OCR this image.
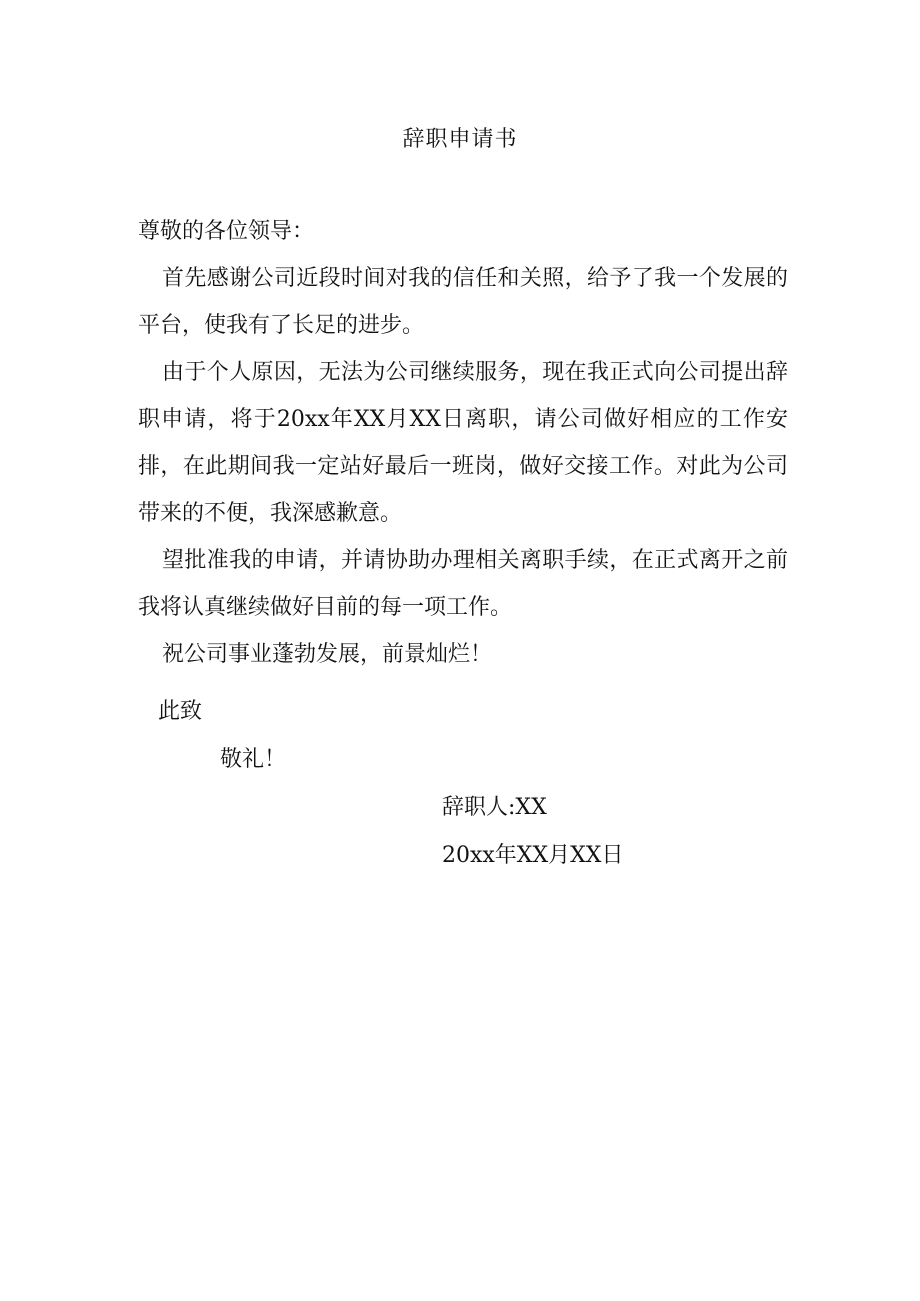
辞职申请书
尊敬的各位领导：

首先感谢公司近段时间对我的信任和关照，给予了我一个发展的平台，使我有了长足的进步。

由于个人原因，无法为公司继续服务，现在我正式向公司提出辞职申请，将于20xx年XX月XX日离职，请公司做好相应的工作安排，在此期间我一定站好最后一班岗，做好交接工作。对此为公司带来的不便，我深感歉意。

望批准我的申请，并请协助办理相关离职手续，在正式离开之前我将认真继续做好目前的每一项工作。

祝公司事业蓬勃发展，前景灿烂！

此致
敬礼！
辞职人:XX
20xx年XX月XX日
